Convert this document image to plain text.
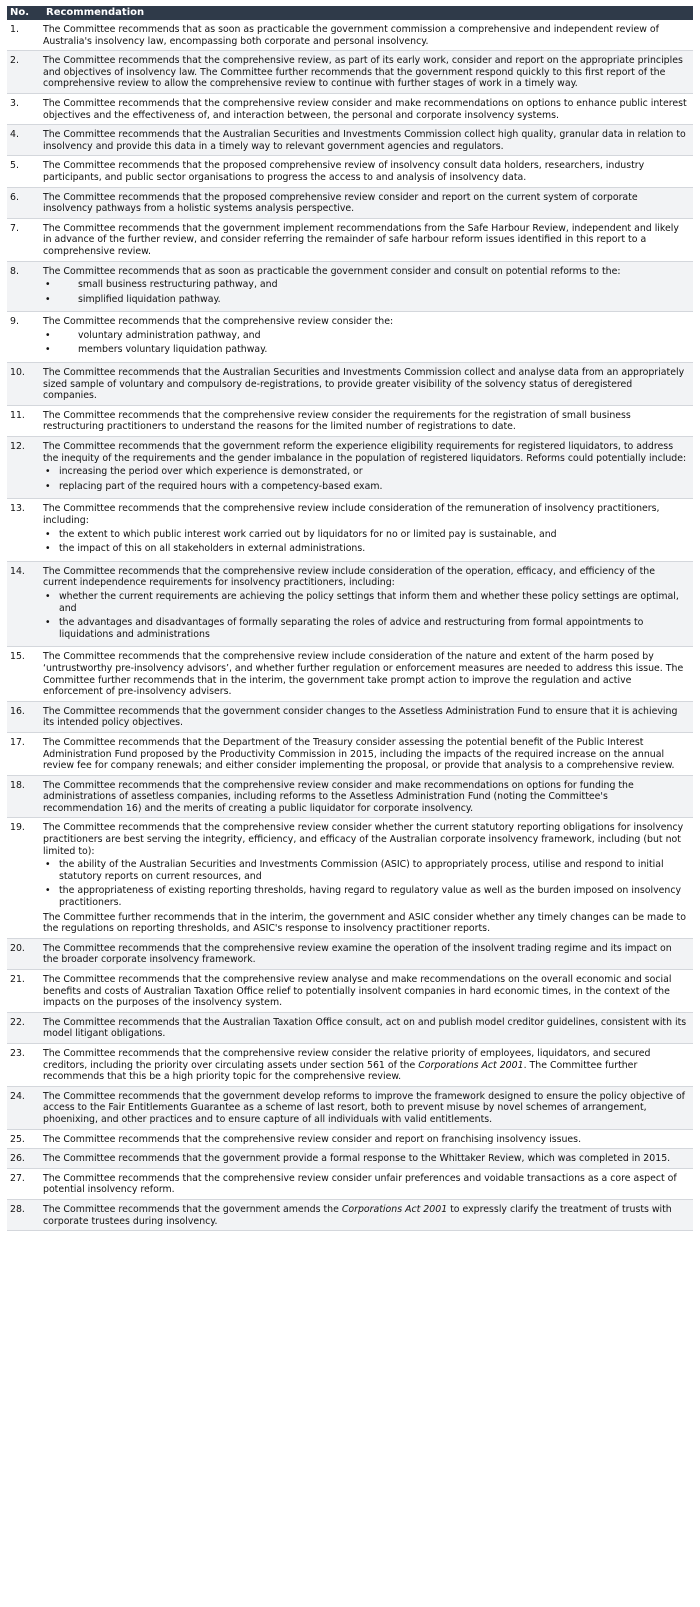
No.	Recommendation
1.	The Committee recommends that as soon as practicable the government commission a comprehensive and independent review of Australia's insolvency law, encompassing both corporate and personal insolvency.

2.	The Committee recommends that the comprehensive review, as part of its early work, consider and report on the appropriate principles and objectives of insolvency law. The Committee further recommends that the government respond quickly to this first report of the comprehensive review to allow the comprehensive review to continue with further stages of work in a timely way.

3.	The Committee recommends that the comprehensive review consider and make recommendations on options to enhance public interest objectives and the effectiveness of, and interaction between, the personal and corporate insolvency systems.

4.	The Committee recommends that the Australian Securities and Investments Commission collect high quality, granular data in relation to insolvency and provide this data in a timely way to relevant government agencies and regulators.

5.	The Committee recommends that the proposed comprehensive review of insolvency consult data holders, researchers, industry participants, and public sector organisations to progress the access to and analysis of insolvency data.

6.	The Committee recommends that the proposed comprehensive review consider and report on the current system of corporate insolvency pathways from a holistic systems analysis perspective.

7.	The Committee recommends that the government implement recommendations from the Safe Harbour Review, independent and likely in advance of the further review, and consider referring the remainder of safe harbour reform issues identified in this report to a comprehensive review.

8.	The Committee recommends that as soon as practicable the government consider and consult on potential reforms to the:

• small business restructuring pathway, and
• simplified liquidation pathway.
9.	The Committee recommends that the comprehensive review consider the:

• voluntary administration pathway, and
• members voluntary liquidation pathway.
10.	The Committee recommends that the Australian Securities and Investments Commission collect and analyse data from an appropriately sized sample of voluntary and compulsory de-registrations, to provide greater visibility of the solvency status of deregistered companies.

11.	The Committee recommends that the comprehensive review consider the requirements for the registration of small business restructuring practitioners to understand the reasons for the limited number of registrations to date.

12.	The Committee recommends that the government reform the experience eligibility requirements for registered liquidators, to address the inequity of the requirements and the gender imbalance in the population of registered liquidators. Reforms could potentially include:

• increasing the period over which experience is demonstrated, or
• replacing part of the required hours with a competency-based exam.
13.	The Committee recommends that the comprehensive review include consideration of the remuneration of insolvency practitioners, including:

• the extent to which public interest work carried out by liquidators for no or limited pay is sustainable, and
• the impact of this on all stakeholders in external administrations.
14.	The Committee recommends that the comprehensive review include consideration of the operation, efficacy, and efficiency of the current independence requirements for insolvency practitioners, including:

• whether the current requirements are achieving the policy settings that inform them and whether these policy settings are optimal, and
• the advantages and disadvantages of formally separating the roles of advice and restructuring from formal appointments to liquidations and administrations
15.	The Committee recommends that the comprehensive review include consideration of the nature and extent of the harm posed by ‘untrustworthy pre-insolvency advisors’, and whether further regulation or enforcement measures are needed to address this issue. The Committee further recommends that in the interim, the government take prompt action to improve the regulation and active enforcement of pre-insolvency advisers.

16.	The Committee recommends that the government consider changes to the Assetless Administration Fund to ensure that it is achieving its intended policy objectives.

17.	The Committee recommends that the Department of the Treasury consider assessing the potential benefit of the Public Interest Administration Fund proposed by the Productivity Commission in 2015, including the impacts of the required increase on the annual review fee for company renewals; and either consider implementing the proposal, or provide that analysis to a comprehensive review.

18.	The Committee recommends that the comprehensive review consider and make recommendations on options for funding the administrations of assetless companies, including reforms to the Assetless Administration Fund (noting the Committee's recommendation 16) and the merits of creating a public liquidator for corporate insolvency.

19.	The Committee recommends that the comprehensive review consider whether the current statutory reporting obligations for insolvency practitioners are best serving the integrity, efficiency, and efficacy of the Australian corporate insolvency framework, including (but not limited to):

• the ability of the Australian Securities and Investments Commission (ASIC) to appropriately process, utilise and respond to initial statutory reports on current resources, and
• the appropriateness of existing reporting thresholds, having regard to regulatory value as well as the burden imposed on insolvency practitioners.

The Committee further recommends that in the interim, the government and ASIC consider whether any timely changes can be made to the regulations on reporting thresholds, and ASIC's response to insolvency practitioner reports.

20.	The Committee recommends that the comprehensive review examine the operation of the insolvent trading regime and its impact on the broader corporate insolvency framework.

21.	The Committee recommends that the comprehensive review analyse and make recommendations on the overall economic and social benefits and costs of Australian Taxation Office relief to potentially insolvent companies in hard economic times, in the context of the impacts on the purposes of the insolvency system.

22.	The Committee recommends that the Australian Taxation Office consult, act on and publish model creditor guidelines, consistent with its model litigant obligations.

23.	The Committee recommends that the comprehensive review consider the relative priority of employees, liquidators, and secured creditors, including the priority over circulating assets under section 561 of the Corporations Act 2001. The Committee further recommends that this be a high priority topic for the comprehensive review.

24.	The Committee recommends that the government develop reforms to improve the framework designed to ensure the policy objective of access to the Fair Entitlements Guarantee as a scheme of last resort, both to prevent misuse by novel schemes of arrangement, phoenixing, and other practices and to ensure capture of all individuals with valid entitlements.

25.	The Committee recommends that the comprehensive review consider and report on franchising insolvency issues.

26.	The Committee recommends that the government provide a formal response to the Whittaker Review, which was completed in 2015.

27.	The Committee recommends that the comprehensive review consider unfair preferences and voidable transactions as a core aspect of potential insolvency reform.

28.	The Committee recommends that the government amends the Corporations Act 2001 to expressly clarify the treatment of trusts with corporate trustees during insolvency.
